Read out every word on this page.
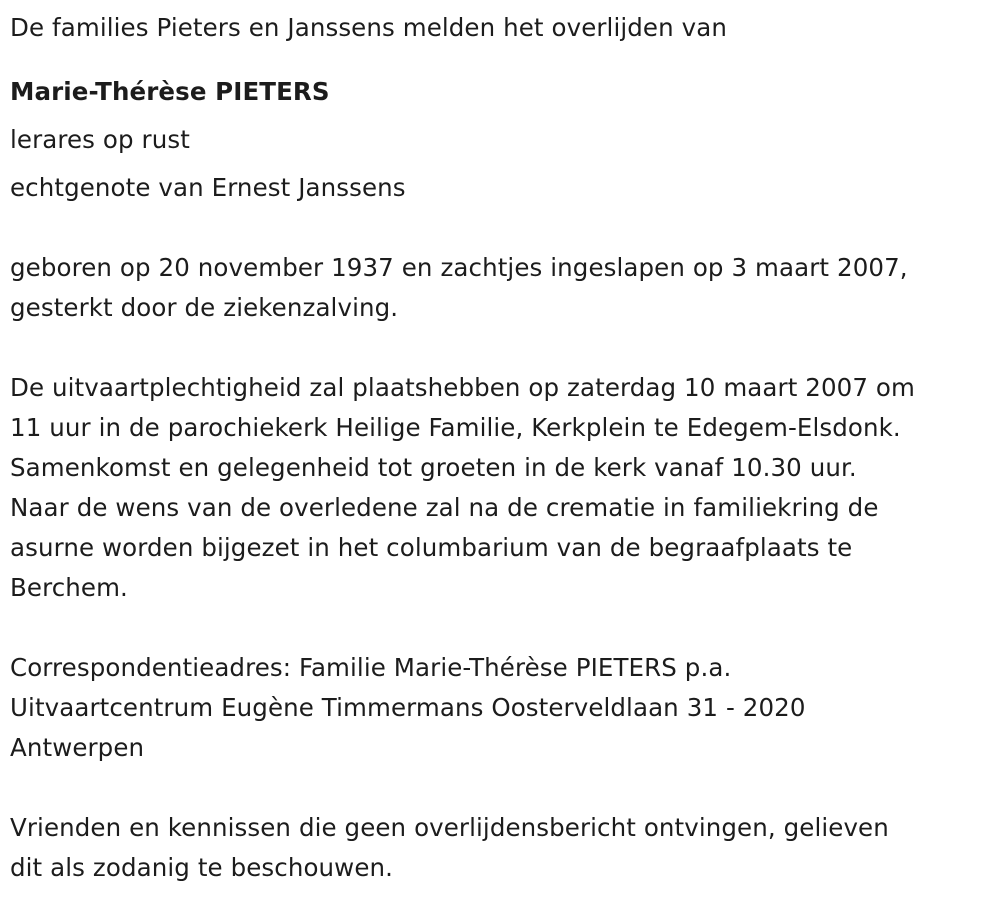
De families Pieters en Janssens melden het overlijden van
Marie-Thérèse PIETERS
lerares op rust
echtgenote van Ernest Janssens
geboren op 20 november 1937 en zachtjes ingeslapen op 3 maart 2007,
gesterkt door de ziekenzalving.
De uitvaartplechtigheid zal plaatshebben op zaterdag 10 maart 2007 om
11 uur in de parochiekerk Heilige Familie, Kerkplein te Edegem-Elsdonk.
Samenkomst en gelegenheid tot groeten in de kerk vanaf 10.30 uur.
Naar de wens van de overledene zal na de crematie in familiekring de
asurne worden bijgezet in het columbarium van de begraafplaats te
Berchem.
Correspondentieadres: Familie Marie-Thérèse PIETERS p.a.
Uitvaartcentrum Eugène Timmermans Oosterveldlaan 31 - 2020
Antwerpen
Vrienden en kennissen die geen overlijdensbericht ontvingen, gelieven
dit als zodanig te beschouwen.
